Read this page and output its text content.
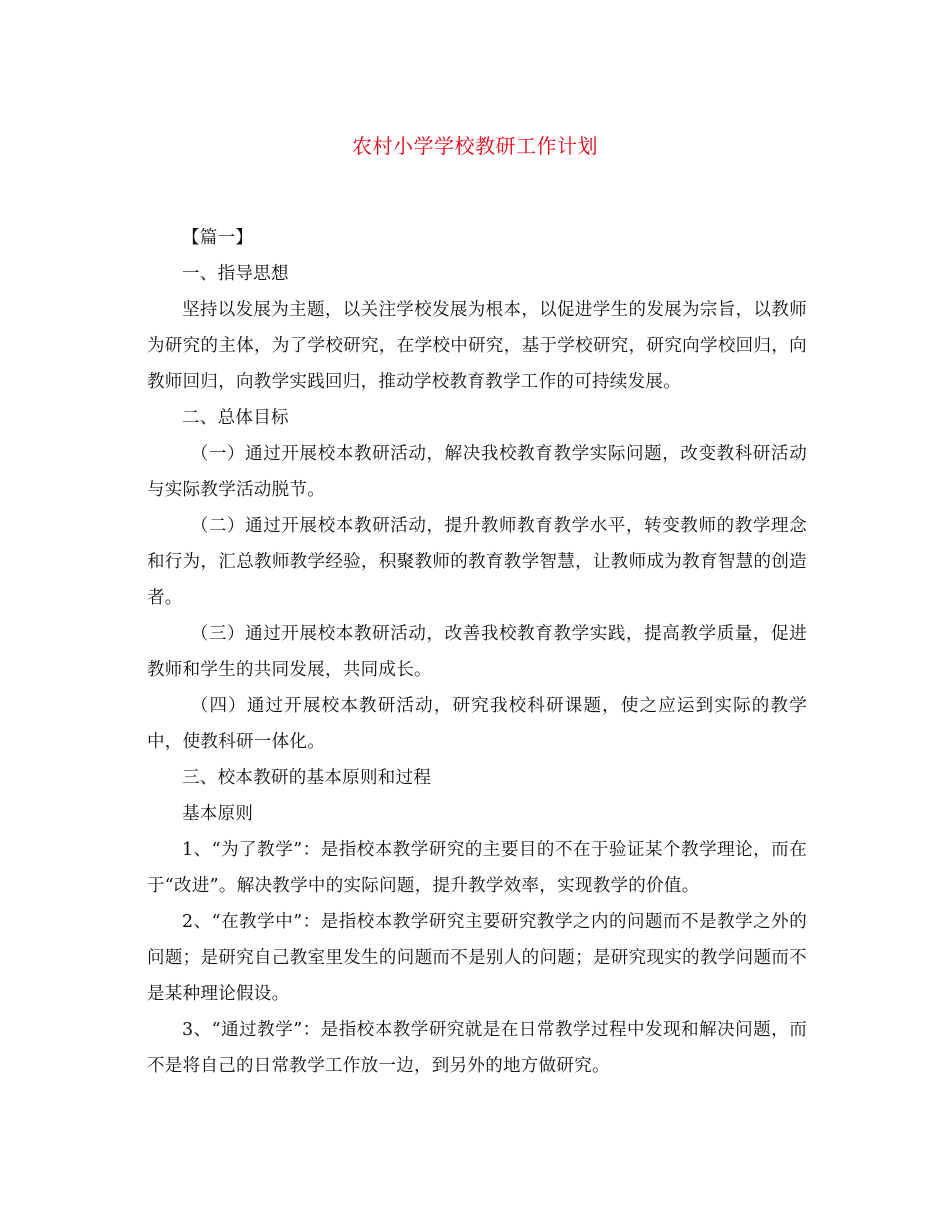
农村小学学校教研工作计划

【篇一】

一、指导思想

坚持以发展为主题，以关注学校发展为根本，以促进学生的发展为宗旨，以教师为研究的主体，为了学校研究，在学校中研究，基于学校研究，研究向学校回归，向教师回归，向教学实践回归，推动学校教育教学工作的可持续发展。

二、总体目标

（一）通过开展校本教研活动，解决我校教育教学实际问题，改变教科研活动与实际教学活动脱节。

（二）通过开展校本教研活动，提升教师教育教学水平，转变教师的教学理念和行为，汇总教师教学经验，积聚教师的教育教学智慧，让教师成为教育智慧的创造者。

（三）通过开展校本教研活动，改善我校教育教学实践，提高教学质量，促进教师和学生的共同发展，共同成长。

（四）通过开展校本教研活动，研究我校科研课题，使之应运到实际的教学中，使教科研一体化。

三、校本教研的基本原则和过程

基本原则

1、“为了教学”：是指校本教学研究的主要目的不在于验证某个教学理论，而在于“改进”。解决教学中的实际问题，提升教学效率，实现教学的价值。

2、“在教学中”：是指校本教学研究主要研究教学之内的问题而不是教学之外的问题；是研究自己教室里发生的问题而不是别人的问题；是研究现实的教学问题而不是某种理论假设。

3、“通过教学”：是指校本教学研究就是在日常教学过程中发现和解决问题，而不是将自己的日常教学工作放一边，到另外的地方做研究。
